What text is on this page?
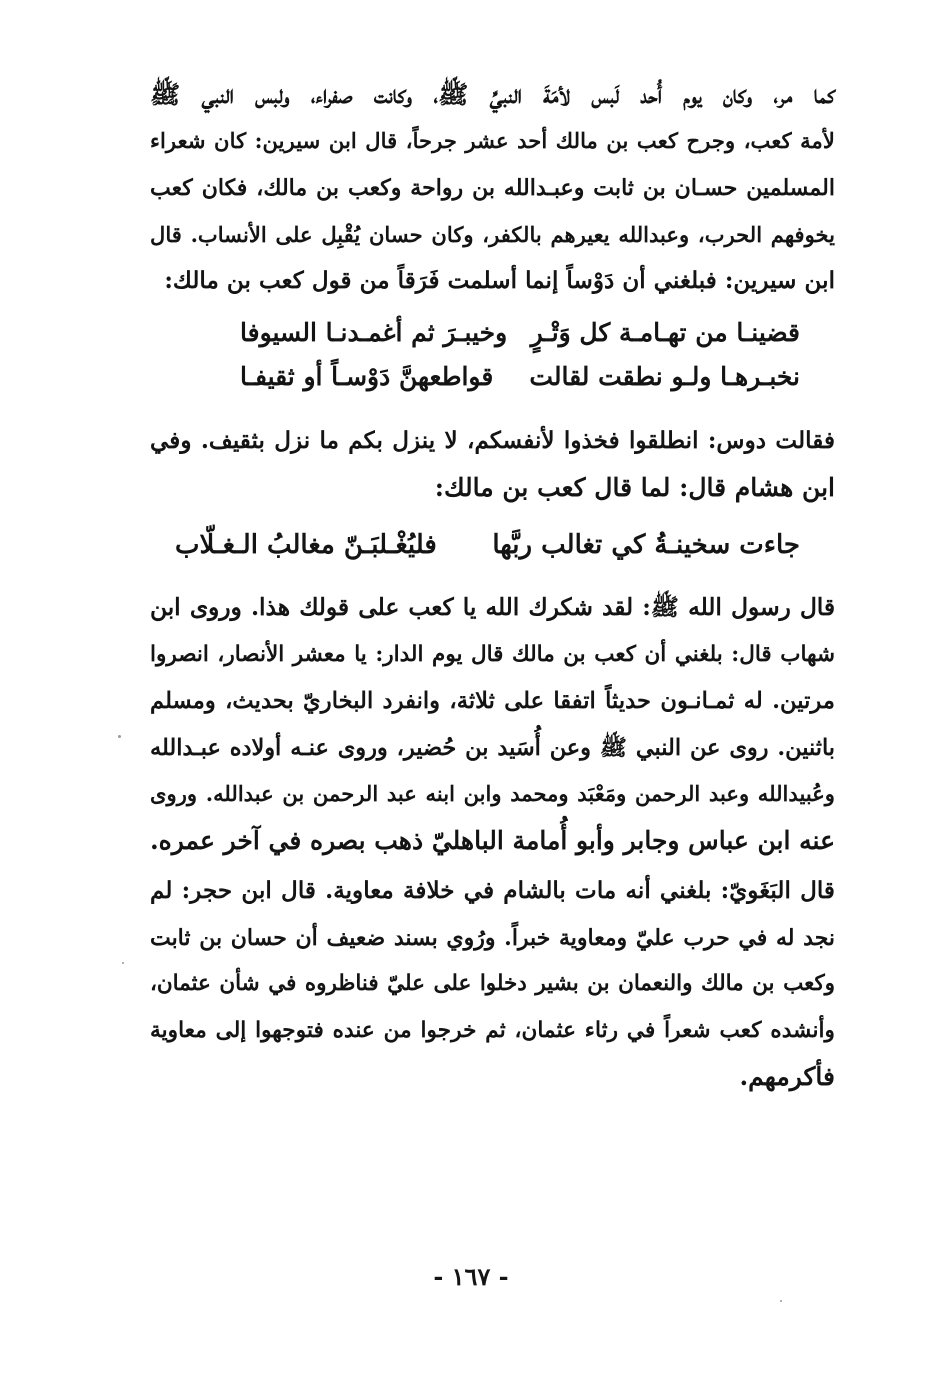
كما مر، وكان يوم أُحد لَبس لأمَةَ النبيِّ ﷺ، وكانت صفراء، ولبس النبي ﷺ
لأمة كعب، وجرح كعب بن مالك أحد عشر جرحاً، قال ابن سيرين: كان شعراء
المسلمين حسـان بن ثابت وعبـدالله بن رواحة وكعب بن مالك، فكان كعب
يخوفهم الحرب، وعبدالله يعيرهم بالكفر، وكان حسان يُقْبِل على الأنساب. قال
ابن سيرين: فبلغني أن دَوْساً إنما أسلمت فَرَقاً من قول كعب بن مالك:

قضينـا من تهـامـة كل وَتْـرٍ
وخيبـرَ ثم أغمـدنـا السيوفا
نخبـرهـا ولـو نطقت لقالت
قواطعهنَّ دَوْسـاً أو ثقيفـا

فقالت دوس: انطلقوا فخذوا لأنفسكم، لا ينزل بكم ما نزل بثقيف. وفي
ابن هشام قال: لما قال كعب بن مالك:

جاءت سخينـةُ كي تغالب ربَّها
فليُغْـلبَـنّ مغالبُ الـغـلّاب

قال رسول الله ﷺ: لقد شكرك الله يا كعب على قولك هذا. وروى ابن
شهاب قال: بلغني أن كعب بن مالك قال يوم الدار: يا معشر الأنصار، انصروا
مرتين. له ثمـانـون حديثاً اتفقا على ثلاثة، وانفرد البخاريّ بحديث، ومسلم
باثنين. روى عن النبي ﷺ وعن أُسَيد بن حُضير، وروى عنـه أولاده عبـدالله
وعُبيدالله وعبد الرحمن ومَعْبَد ومحمد وابن ابنه عبد الرحمن بن عبدالله. وروى
عنه ابن عباس وجابر وأبو أُمامة الباهليّ ذهب بصره في آخر عمره.

قال البَغَويّ: بلغني أنه مات بالشام في خلافة معاوية. قال ابن حجر: لم
نجد له في حرب عليّ ومعاوية خبراً. ورُوي بسند ضعيف أن حسان بن ثابت
وكعب بن مالك والنعمان بن بشير دخلوا على عليّ فناظروه في شأن عثمان،
وأنشده كعب شعراً في رثاء عثمان، ثم خرجوا من عنده فتوجهوا إلى معاوية
فأكرمهم.

- ١٦٧ -
